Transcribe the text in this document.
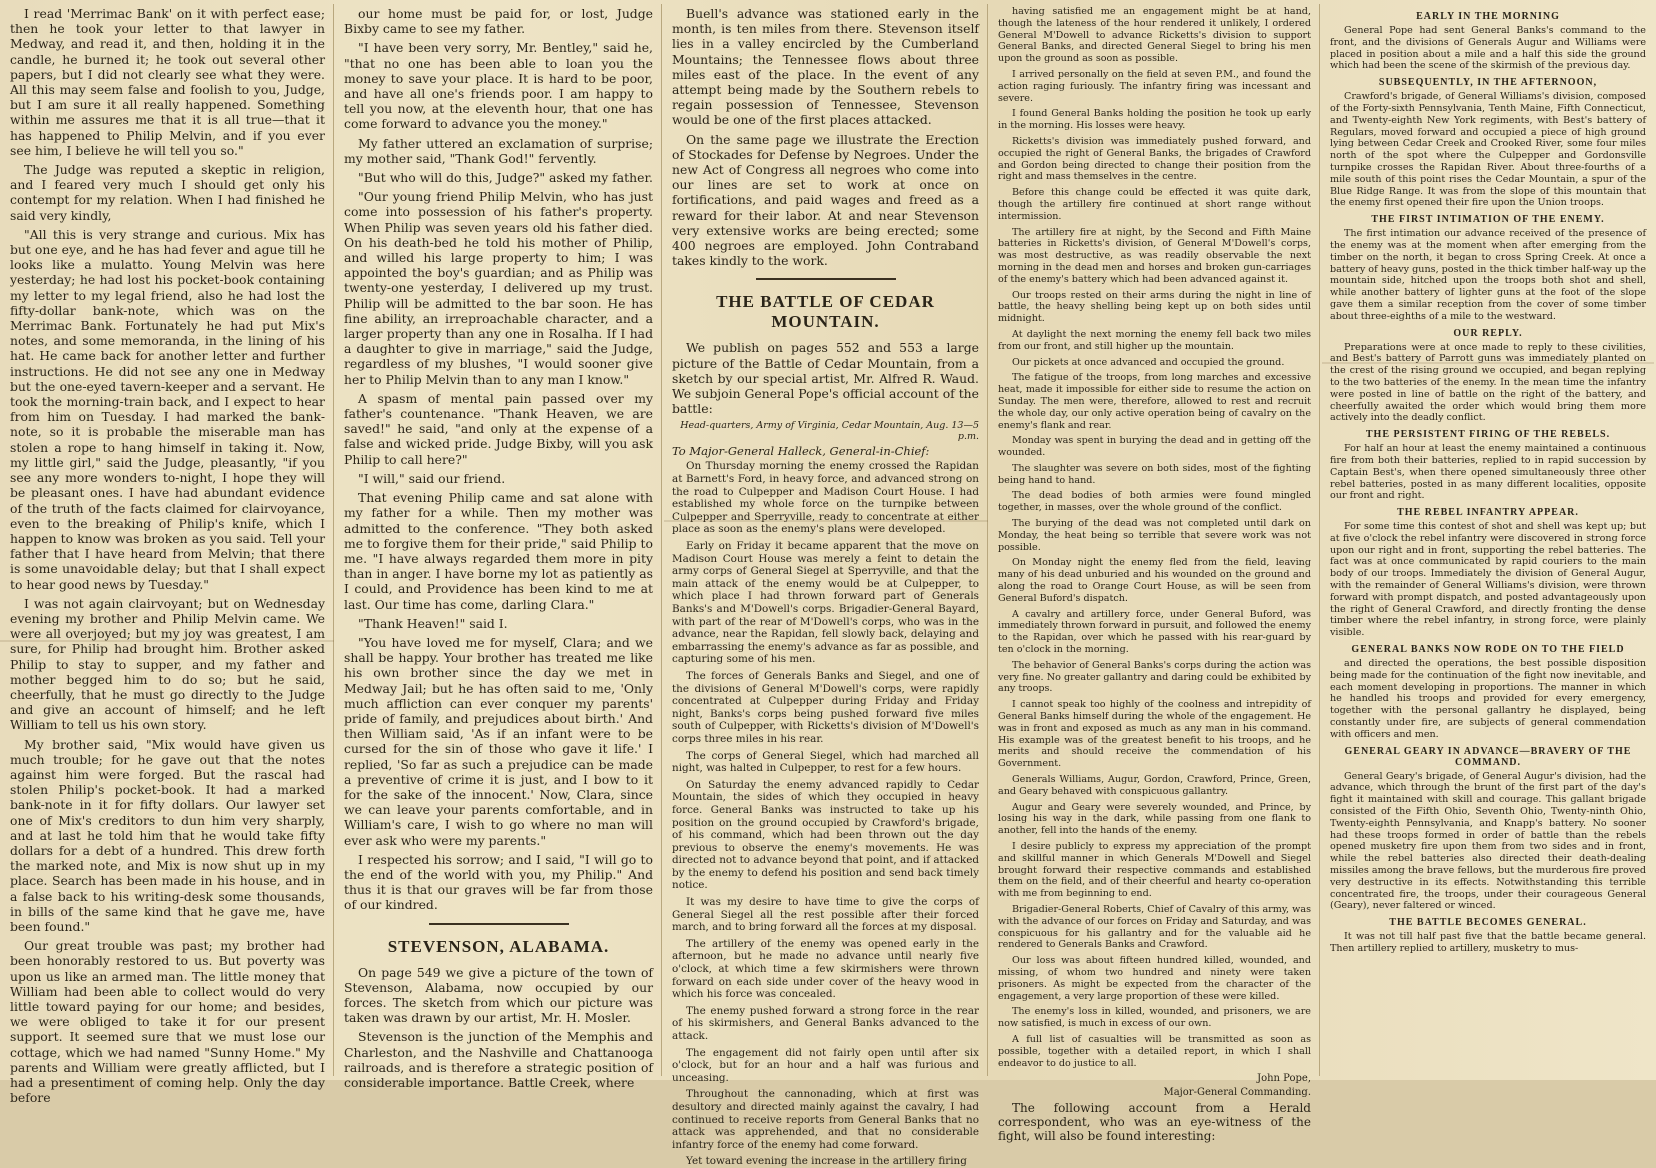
I read 'Merrimac Bank' on it with perfect ease; then he took your letter to that lawyer in Medway, and read it, and then, holding it in the candle, he burned it; he took out several other papers, but I did not clearly see what they were. All this may seem false and foolish to you, Judge, but I am sure it all really happened. Something within me assures me that it is all true—that it has happened to Philip Melvin, and if you ever see him, I believe he will tell you so."

The Judge was reputed a skeptic in religion, and I feared very much I should get only his contempt for my relation. When I had finished he said very kindly,

"All this is very strange and curious. Mix has but one eye, and he has had fever and ague till he looks like a mulatto. Young Melvin was here yesterday; he had lost his pocket-book containing my letter to my legal friend, also he had lost the fifty-dollar bank-note, which was on the Merrimac Bank. Fortunately he had put Mix's notes, and some memoranda, in the lining of his hat. He came back for another letter and further instructions. He did not see any one in Medway but the one-eyed tavern-keeper and a servant. He took the morning-train back, and I expect to hear from him on Tuesday. I had marked the bank-note, so it is probable the miserable man has stolen a rope to hang himself in taking it. Now, my little girl," said the Judge, pleasantly, "if you see any more wonders to-night, I hope they will be pleasant ones. I have had abundant evidence of the truth of the facts claimed for clairvoyance, even to the breaking of Philip's knife, which I happen to know was broken as you said. Tell your father that I have heard from Melvin; that there is some unavoidable delay; but that I shall expect to hear good news by Tuesday."

I was not again clairvoyant; but on Wednesday evening my brother and Philip Melvin came. We were all overjoyed; but my joy was greatest, I am sure, for Philip had brought him. Brother asked Philip to stay to supper, and my father and mother begged him to do so; but he said, cheerfully, that he must go directly to the Judge and give an account of himself; and he left William to tell us his own story.

My brother said, "Mix would have given us much trouble; for he gave out that the notes against him were forged. But the rascal had stolen Philip's pocket-book. It had a marked bank-note in it for fifty dollars. Our lawyer set one of Mix's creditors to dun him very sharply, and at last he told him that he would take fifty dollars for a debt of a hundred. This drew forth the marked note, and Mix is now shut up in my place. Search has been made in his house, and in a false back to his writing-desk some thousands, in bills of the same kind that he gave me, have been found."

Our great trouble was past; my brother had been honorably restored to us. But poverty was upon us like an armed man. The little money that William had been able to collect would do very little toward paying for our home; and besides, we were obliged to take it for our present support. It seemed sure that we must lose our cottage, which we had named "Sunny Home." My parents and William were greatly afflicted, but I had a presentiment of coming help. Only the day before

our home must be paid for, or lost, Judge Bixby came to see my father.

"I have been very sorry, Mr. Bentley," said he, "that no one has been able to loan you the money to save your place. It is hard to be poor, and have all one's friends poor. I am happy to tell you now, at the eleventh hour, that one has come forward to advance you the money."

My father uttered an exclamation of surprise; my mother said, "Thank God!" fervently.

"But who will do this, Judge?" asked my father.

"Our young friend Philip Melvin, who has just come into possession of his father's property. When Philip was seven years old his father died. On his death-bed he told his mother of Philip, and willed his large property to him; I was appointed the boy's guardian; and as Philip was twenty-one yesterday, I delivered up my trust. Philip will be admitted to the bar soon. He has fine ability, an irreproachable character, and a larger property than any one in Rosalha. If I had a daughter to give in marriage," said the Judge, regardless of my blushes, "I would sooner give her to Philip Melvin than to any man I know."

A spasm of mental pain passed over my father's countenance. "Thank Heaven, we are saved!" he said, "and only at the expense of a false and wicked pride. Judge Bixby, will you ask Philip to call here?"

"I will," said our friend.

That evening Philip came and sat alone with my father for a while. Then my mother was admitted to the conference. "They both asked me to forgive them for their pride," said Philip to me. "I have always regarded them more in pity than in anger. I have borne my lot as patiently as I could, and Providence has been kind to me at last. Our time has come, darling Clara."

"Thank Heaven!" said I.

"You have loved me for myself, Clara; and we shall be happy. Your brother has treated me like his own brother since the day we met in Medway Jail; but he has often said to me, 'Only much affliction can ever conquer my parents' pride of family, and prejudices about birth.' And then William said, 'As if an infant were to be cursed for the sin of those who gave it life.' I replied, 'So far as such a prejudice can be made a preventive of crime it is just, and I bow to it for the sake of the innocent.' Now, Clara, since we can leave your parents comfortable, and in William's care, I wish to go where no man will ever ask who were my parents."

I respected his sorrow; and I said, "I will go to the end of the world with you, my Philip." And thus it is that our graves will be far from those of our kindred.

STEVENSON, ALABAMA.

On page 549 we give a picture of the town of Stevenson, Alabama, now occupied by our forces. The sketch from which our picture was taken was drawn by our artist, Mr. H. Mosler.

Stevenson is the junction of the Memphis and Charleston, and the Nashville and Chattanooga railroads, and is therefore a strategic position of considerable importance. Battle Creek, where

Buell's advance was stationed early in the month, is ten miles from there. Stevenson itself lies in a valley encircled by the Cumberland Mountains; the Tennessee flows about three miles east of the place. In the event of any attempt being made by the Southern rebels to regain possession of Tennessee, Stevenson would be one of the first places attacked.

On the same page we illustrate the Erection of Stockades for Defense by Negroes. Under the new Act of Congress all negroes who come into our lines are set to work at once on fortifications, and paid wages and freed as a reward for their labor. At and near Stevenson very extensive works are being erected; some 400 negroes are employed. John Contraband takes kindly to the work.

THE BATTLE OF CEDAR MOUNTAIN.

We publish on pages 552 and 553 a large picture of the Battle of Cedar Mountain, from a sketch by our special artist, Mr. Alfred R. Waud. We subjoin General Pope's official account of the battle:

Head-quarters, Army of Virginia, Cedar Mountain, Aug. 13—5 p.m.
To Major-General Halleck, General-in-Chief:

On Thursday morning the enemy crossed the Rapidan at Barnett's Ford, in heavy force, and advanced strong on the road to Culpepper and Madison Court House. I had established my whole force on the turnpike between Culpepper and Sperryville, ready to concentrate at either place as soon as the enemy's plans were developed.

Early on Friday it became apparent that the move on Madison Court House was merely a feint to detain the army corps of General Siegel at Sperryville, and that the main attack of the enemy would be at Culpepper, to which place I had thrown forward part of Generals Banks's and M'Dowell's corps. Brigadier-General Bayard, with part of the rear of M'Dowell's corps, who was in the advance, near the Rapidan, fell slowly back, delaying and embarrassing the enemy's advance as far as possible, and capturing some of his men.

The forces of Generals Banks and Siegel, and one of the divisions of General M'Dowell's corps, were rapidly concentrated at Culpepper during Friday and Friday night, Banks's corps being pushed forward five miles south of Culpepper, with Ricketts's division of M'Dowell's corps three miles in his rear.

The corps of General Siegel, which had marched all night, was halted in Culpepper, to rest for a few hours.

On Saturday the enemy advanced rapidly to Cedar Mountain, the sides of which they occupied in heavy force. General Banks was instructed to take up his position on the ground occupied by Crawford's brigade, of his command, which had been thrown out the day previous to observe the enemy's movements. He was directed not to advance beyond that point, and if attacked by the enemy to defend his position and send back timely notice.

It was my desire to have time to give the corps of General Siegel all the rest possible after their forced march, and to bring forward all the forces at my disposal.

The artillery of the enemy was opened early in the afternoon, but he made no advance until nearly five o'clock, at which time a few skirmishers were thrown forward on each side under cover of the heavy wood in which his force was concealed.

The enemy pushed forward a strong force in the rear of his skirmishers, and General Banks advanced to the attack.

The engagement did not fairly open until after six o'clock, but for an hour and a half was furious and unceasing.

Throughout the cannonading, which at first was desultory and directed mainly against the cavalry, I had continued to receive reports from General Banks that no attack was apprehended, and that no considerable infantry force of the enemy had come forward.

Yet toward evening the increase in the artillery firing

having satisfied me an engagement might be at hand, though the lateness of the hour rendered it unlikely, I ordered General M'Dowell to advance Ricketts's division to support General Banks, and directed General Siegel to bring his men upon the ground as soon as possible.

I arrived personally on the field at seven P.M., and found the action raging furiously. The infantry firing was incessant and severe.

I found General Banks holding the position he took up early in the morning. His losses were heavy.

Ricketts's division was immediately pushed forward, and occupied the right of General Banks, the brigades of Crawford and Gordon being directed to change their position from the right and mass themselves in the centre.

Before this change could be effected it was quite dark, though the artillery fire continued at short range without intermission.

The artillery fire at night, by the Second and Fifth Maine batteries in Ricketts's division, of General M'Dowell's corps, was most destructive, as was readily observable the next morning in the dead men and horses and broken gun-carriages of the enemy's battery which had been advanced against it.

Our troops rested on their arms during the night in line of battle, the heavy shelling being kept up on both sides until midnight.

At daylight the next morning the enemy fell back two miles from our front, and still higher up the mountain.

Our pickets at once advanced and occupied the ground.

The fatigue of the troops, from long marches and excessive heat, made it impossible for either side to resume the action on Sunday. The men were, therefore, allowed to rest and recruit the whole day, our only active operation being of cavalry on the enemy's flank and rear.

Monday was spent in burying the dead and in getting off the wounded.

The slaughter was severe on both sides, most of the fighting being hand to hand.

The dead bodies of both armies were found mingled together, in masses, over the whole ground of the conflict.

The burying of the dead was not completed until dark on Monday, the heat being so terrible that severe work was not possible.

On Monday night the enemy fled from the field, leaving many of his dead unburied and his wounded on the ground and along the road to Orange Court House, as will be seen from General Buford's dispatch.

A cavalry and artillery force, under General Buford, was immediately thrown forward in pursuit, and followed the enemy to the Rapidan, over which he passed with his rear-guard by ten o'clock in the morning.

The behavior of General Banks's corps during the action was very fine. No greater gallantry and daring could be exhibited by any troops.

I cannot speak too highly of the coolness and intrepidity of General Banks himself during the whole of the engagement. He was in front and exposed as much as any man in his command. His example was of the greatest benefit to his troops, and he merits and should receive the commendation of his Government.

Generals Williams, Augur, Gordon, Crawford, Prince, Green, and Geary behaved with conspicuous gallantry.

Augur and Geary were severely wounded, and Prince, by losing his way in the dark, while passing from one flank to another, fell into the hands of the enemy.

I desire publicly to express my appreciation of the prompt and skillful manner in which Generals M'Dowell and Siegel brought forward their respective commands and established them on the field, and of their cheerful and hearty co-operation with me from beginning to end.

Brigadier-General Roberts, Chief of Cavalry of this army, was with the advance of our forces on Friday and Saturday, and was conspicuous for his gallantry and for the valuable aid he rendered to Generals Banks and Crawford.

Our loss was about fifteen hundred killed, wounded, and missing, of whom two hundred and ninety were taken prisoners. As might be expected from the character of the engagement, a very large proportion of these were killed.

The enemy's loss in killed, wounded, and prisoners, we are now satisfied, is much in excess of our own.

A full list of casualties will be transmitted as soon as possible, together with a detailed report, in which I shall endeavor to do justice to all.

John Pope,
Major-General Commanding.

The following account from a Herald correspondent, who was an eye-witness of the fight, will also be found interesting:

EARLY IN THE MORNING

General Pope had sent General Banks's command to the front, and the divisions of Generals Augur and Williams were placed in position about a mile and a half this side the ground which had been the scene of the skirmish of the previous day.

SUBSEQUENTLY, IN THE AFTERNOON,

Crawford's brigade, of General Williams's division, composed of the Forty-sixth Pennsylvania, Tenth Maine, Fifth Connecticut, and Twenty-eighth New York regiments, with Best's battery of Regulars, moved forward and occupied a piece of high ground lying between Cedar Creek and Crooked River, some four miles north of the spot where the Culpepper and Gordonsville turnpike crosses the Rapidan River. About three-fourths of a mile south of this point rises the Cedar Mountain, a spur of the Blue Ridge Range. It was from the slope of this mountain that the enemy first opened their fire upon the Union troops.

THE FIRST INTIMATION OF THE ENEMY.

The first intimation our advance received of the presence of the enemy was at the moment when after emerging from the timber on the north, it began to cross Spring Creek. At once a battery of heavy guns, posted in the thick timber half-way up the mountain side, hitched upon the troops both shot and shell, while another battery of lighter guns at the foot of the slope gave them a similar reception from the cover of some timber about three-eighths of a mile to the westward.

OUR REPLY.

Preparations were at once made to reply to these civilities, and Best's battery of Parrott guns was immediately planted on the crest of the rising ground we occupied, and began replying to the two batteries of the enemy. In the mean time the infantry were posted in line of battle on the right of the battery, and cheerfully awaited the order which would bring them more actively into the deadly conflict.

THE PERSISTENT FIRING OF THE REBELS.

For half an hour at least the enemy maintained a continuous fire from both their batteries, replied to in rapid succession by Captain Best's, when there opened simultaneously three other rebel batteries, posted in as many different localities, opposite our front and right.

THE REBEL INFANTRY APPEAR.

For some time this contest of shot and shell was kept up; but at five o'clock the rebel infantry were discovered in strong force upon our right and in front, supporting the rebel batteries. The fact was at once communicated by rapid couriers to the main body of our troops. Immediately the division of General Augur, with the remainder of General Williams's division, were thrown forward with prompt dispatch, and posted advantageously upon the right of General Crawford, and directly fronting the dense timber where the rebel infantry, in strong force, were plainly visible.

GENERAL BANKS NOW RODE ON TO THE FIELD

and directed the operations, the best possible disposition being made for the continuation of the fight now inevitable, and each moment developing in proportions. The manner in which he handled his troops and provided for every emergency, together with the personal gallantry he displayed, being constantly under fire, are subjects of general commendation with officers and men.

GENERAL GEARY IN ADVANCE—BRAVERY OF THE COMMAND.

General Geary's brigade, of General Augur's division, had the advance, which through the brunt of the first part of the day's fight it maintained with skill and courage. This gallant brigade consisted of the Fifth Ohio, Seventh Ohio, Twenty-ninth Ohio, Twenty-eighth Pennsylvania, and Knapp's battery. No sooner had these troops formed in order of battle than the rebels opened musketry fire upon them from two sides and in front, while the rebel batteries also directed their death-dealing missiles among the brave fellows, but the murderous fire proved very destructive in its effects. Notwithstanding this terrible concentrated fire, the troops, under their courageous General (Geary), never faltered or winced.

THE BATTLE BECOMES GENERAL.

It was not till half past five that the battle became general. Then artillery replied to artillery, musketry to mus-
